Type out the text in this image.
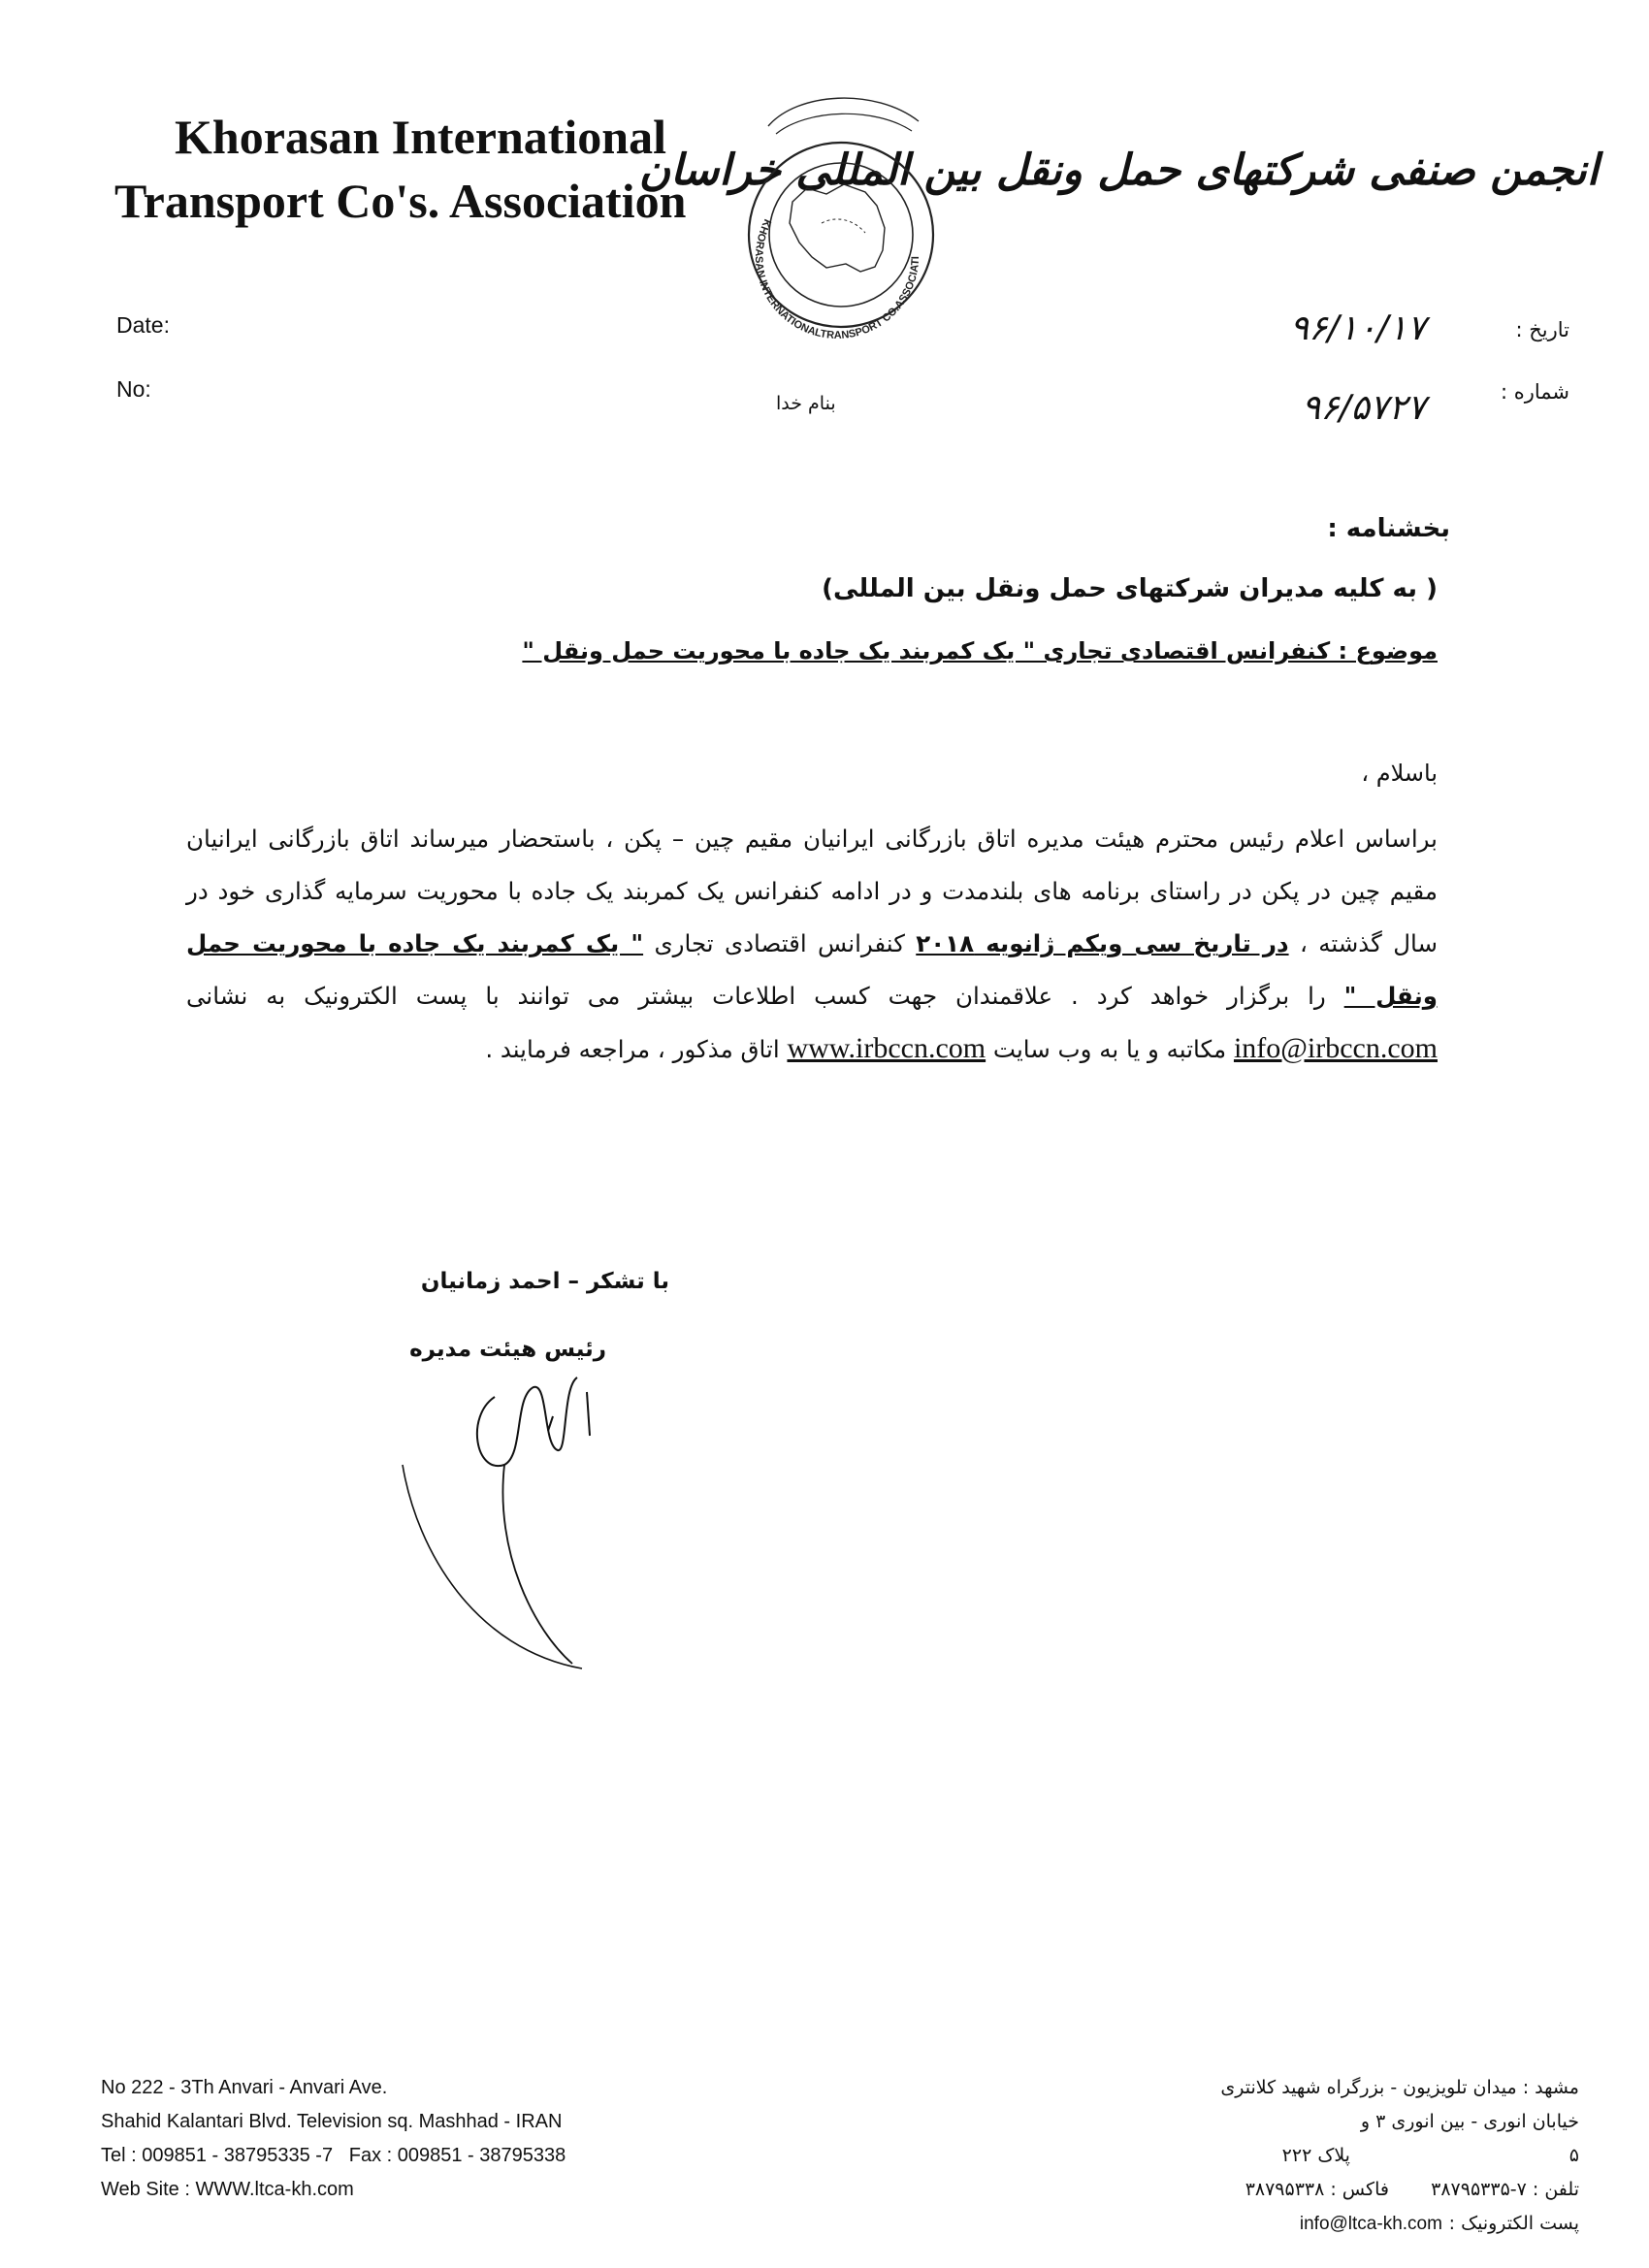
Khorasan International
Transport Co's. Association
انجمن صنفی شرکتهای حمل ونقل بین المللی خراسان
KHORASAN INTERNATIONALTRANSPORT CO.ASSOCIATI
Date:
No:
تاریخ :
شماره :
۹۶/۱۰/۱۷
۹۶/۵۷۲۷
بنام خدا
بخشنامه :
( به کلیه مدیران شرکتهای حمل ونقل بین المللی)
موضوع : کنفرانس اقتصادی تجاری " یک کمربند یک جاده با محوریت حمل ونقل "
باسلام ،
براساس اعلام رئیس محترم هیئت مدیره اتاق بازرگانی ایرانیان مقیم چین – پکن ، باستحضار میرساند اتاق بازرگانی ایرانیان مقیم چین در پکن در راستای برنامه های بلندمدت و در ادامه کنفرانس یک کمربند یک جاده با محوریت سرمایه گذاری خود در سال گذشته ، در تاریخ سی ویکم ژانویه ۲۰۱۸ کنفرانس اقتصادی تجاری " یک کمربند یک جاده با محوریت حمل ونقل " را برگزار خواهد کرد . علاقمندان جهت کسب اطلاعات بیشتر می توانند با پست الکترونیک به نشانی info@irbccn.com مکاتبه و یا به وب سایت www.irbccn.com اتاق مذکور ، مراجعه فرمایند .
با تشکر – احمد زمانیان
رئیس هیئت مدیره
No 222 - 3Th Anvari - Anvari Ave.
Shahid Kalantari Blvd. Television sq. Mashhad - IRAN
Tel : 009851 - 38795335 -7   Fax : 009851 - 38795338
Web Site : WWW.ltca-kh.com
مشهد : میدان تلویزیون - بزرگراه شهید کلانتری
خیابان انوری - بین انوری ۳ و ۵ پلاک ۲۲۲
تلفن : ۷-۳۸۷۹۵۳۳۵ فاکس : ۳۸۷۹۵۳۳۸
پست الکترونیک : info@ltca-kh.com
